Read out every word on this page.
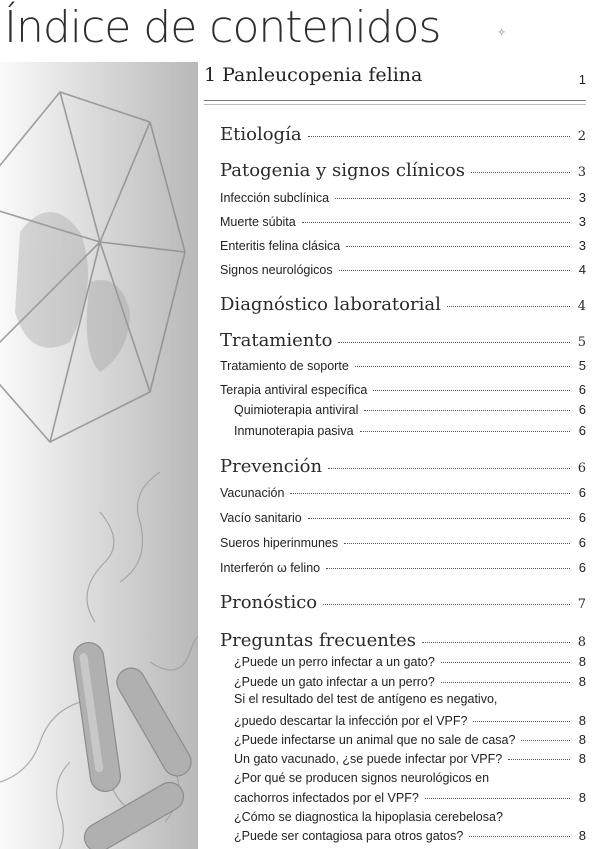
Índice de contenidos	✧
1 Panleucopenia felina	1
Etiología	2
Patogenia y signos clínicos	3
Infección subclínica	3
Muerte súbita	3
Enteritis felina clásica	3
Signos neurológicos	4
Diagnóstico laboratorial	4
Tratamiento	5
Tratamiento de soporte	5
Terapia antiviral específica	6
Quimioterapia antiviral	6
Inmunoterapia pasiva	6
Prevención	6
Vacunación	6
Vacío sanitario	6
Sueros hiperinmunes	6
Interferón ω felino	6
Pronóstico	7
Preguntas frecuentes	8
¿Puede un perro infectar a un gato?	8
¿Puede un gato infectar a un perro?	8
Si el resultado del test de antígeno es negativo,
¿puedo descartar la infección por el VPF?	8
¿Puede infectarse un animal que no sale de casa?	8
Un gato vacunado, ¿se puede infectar por VPF?	8
¿Por qué se producen signos neurológicos en
cachorros infectados por el VPF?	8
¿Cómo se diagnostica la hipoplasia cerebelosa?
¿Puede ser contagiosa para otros gatos?	8
